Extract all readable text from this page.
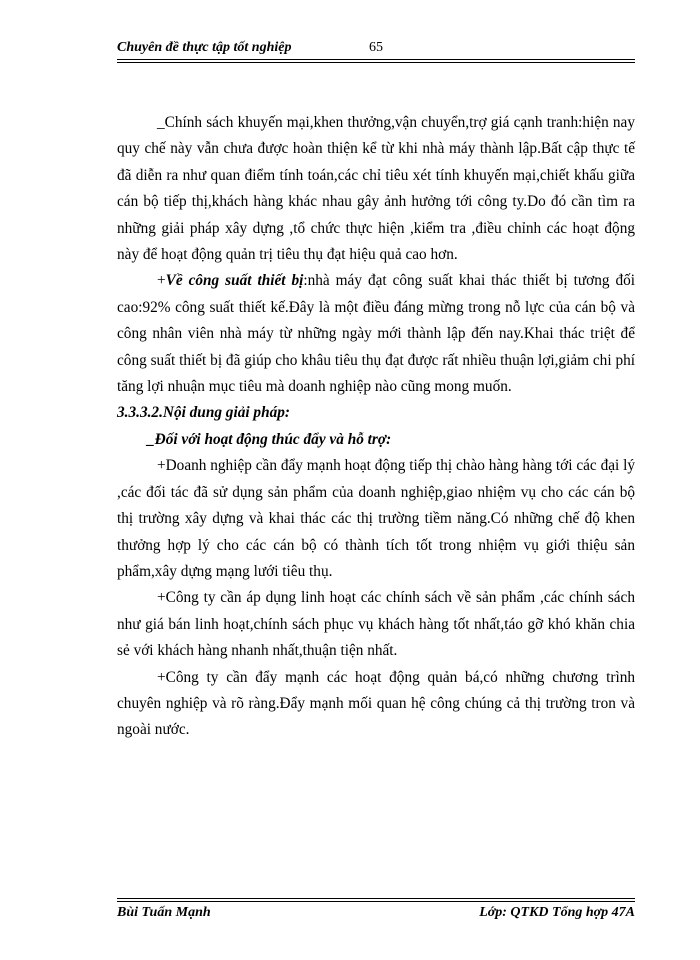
Chuyên đề thực tập tốt nghiệp	65

_Chính sách khuyến mại,khen thưởng,vận chuyển,trợ giá cạnh tranh:hiện nay quy chế này vẫn chưa được hoàn thiện kể từ khi nhà máy thành lập.Bất cập thực tế đã diễn ra như quan điểm tính toán,các chỉ tiêu xét tính khuyến mại,chiết khấu giữa cán bộ tiếp thị,khách hàng khác nhau gây ảnh hưởng tới công ty.Do đó cần tìm ra những giải pháp xây dựng ,tổ chức thực hiện ,kiểm tra ,điều chỉnh các hoạt động này để hoạt động quản trị tiêu thụ đạt hiệu quả cao hơn.

+Về công suất thiết bị:nhà máy đạt công suất khai thác thiết bị tương đối cao:92% công suất thiết kế.Đây là một điều đáng mừng trong nỗ lực của cán bộ và công nhân viên nhà máy từ những ngày mới thành lập đến nay.Khai thác triệt để công suất thiết bị đã giúp cho khâu tiêu thụ đạt được rất nhiều thuận lợi,giảm chi phí tăng lợi nhuận mục tiêu mà doanh nghiệp nào cũng mong muốn.

3.3.3.2.Nội dung giải pháp:

_Đối với hoạt động thúc đẩy và hỗ trợ:

+Doanh nghiệp cần đẩy mạnh hoạt động tiếp thị chào hàng hàng tới các đại lý ,các đối tác đã sử dụng sản phẩm của doanh nghiệp,giao nhiệm vụ cho các cán bộ thị trường xây dựng và khai thác các thị trường tiềm năng.Có những chế độ khen thưởng hợp lý cho các cán bộ có thành tích tốt trong nhiệm vụ giới thiệu sản phẩm,xây dựng mạng lưới tiêu thụ.

+Công ty cần áp dụng linh hoạt các chính sách về sản phẩm ,các chính sách như giá bán linh hoạt,chính sách phục vụ khách hàng tốt nhất,táo gỡ khó khăn chia sẻ với khách hàng nhanh nhất,thuận tiện nhất.

+Công ty cần đẩy mạnh các hoạt động quản bá,có những chương trình chuyên nghiệp và rõ ràng.Đẩy mạnh mối quan hệ công chúng cả thị trường tron và ngoài nước.

Bùi Tuấn Mạnh	Lớp: QTKD Tổng hợp 47A
